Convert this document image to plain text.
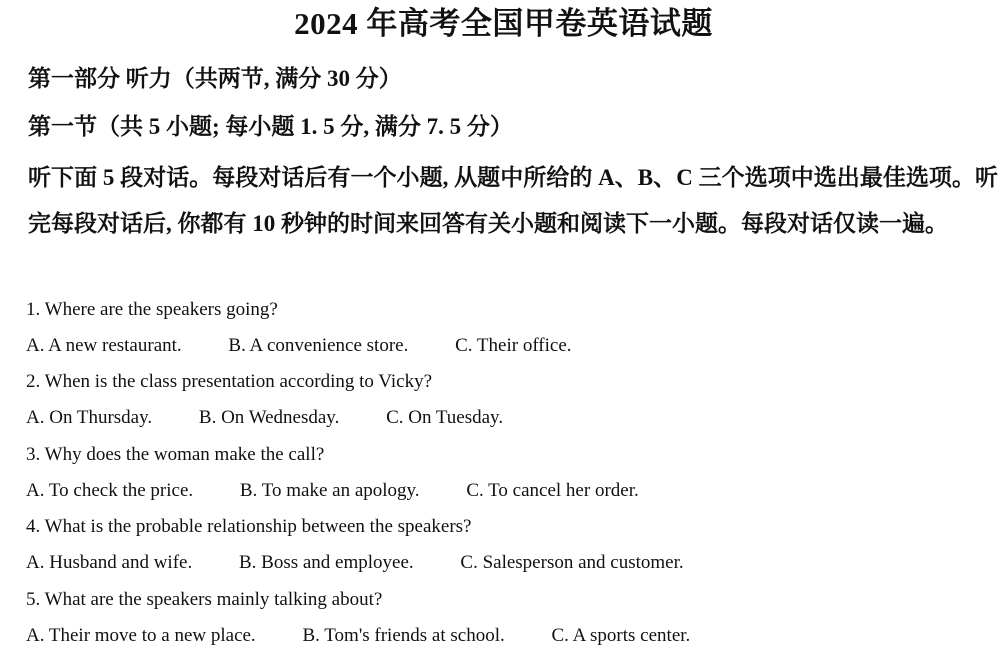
2024 年高考全国甲卷英语试题
第一部分 听力（共两节, 满分 30 分）
第一节（共 5 小题; 每小题 1. 5 分, 满分 7. 5 分）
听下面 5 段对话。每段对话后有一个小题, 从题中所给的 A、B、C 三个选项中选出最佳选项。听完每段对话后, 你都有 10 秒钟的时间来回答有关小题和阅读下一小题。每段对话仅读一遍。
1. Where are the speakers going?
A. A new restaurant. B. A convenience store. C. Their office.
2. When is the class presentation according to Vicky?
A. On Thursday. B. On Wednesday. C. On Tuesday.
3. Why does the woman make the call?
A. To check the price. B. To make an apology. C. To cancel her order.
4. What is the probable relationship between the speakers?
A. Husband and wife. B. Boss and employee. C. Salesperson and customer.
5. What are the speakers mainly talking about?
A. Their move to a new place. B. Tom's friends at school. C. A sports center.
